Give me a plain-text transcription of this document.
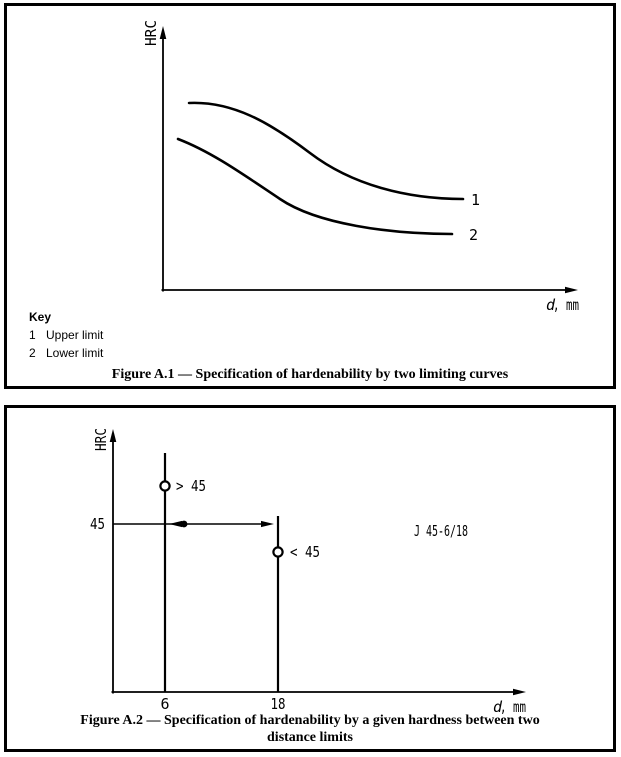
HRC
d
, mm
1
2
Key
1 Upper limit
2 Lower limit
Figure A.1 — Specification of hardenability by two limiting curves
HRC
45
> 45
< 45
J 45-6/18
6	18	d
, mm
Figure A.2 — Specification of hardenability by a given hardness between two
distance limits
